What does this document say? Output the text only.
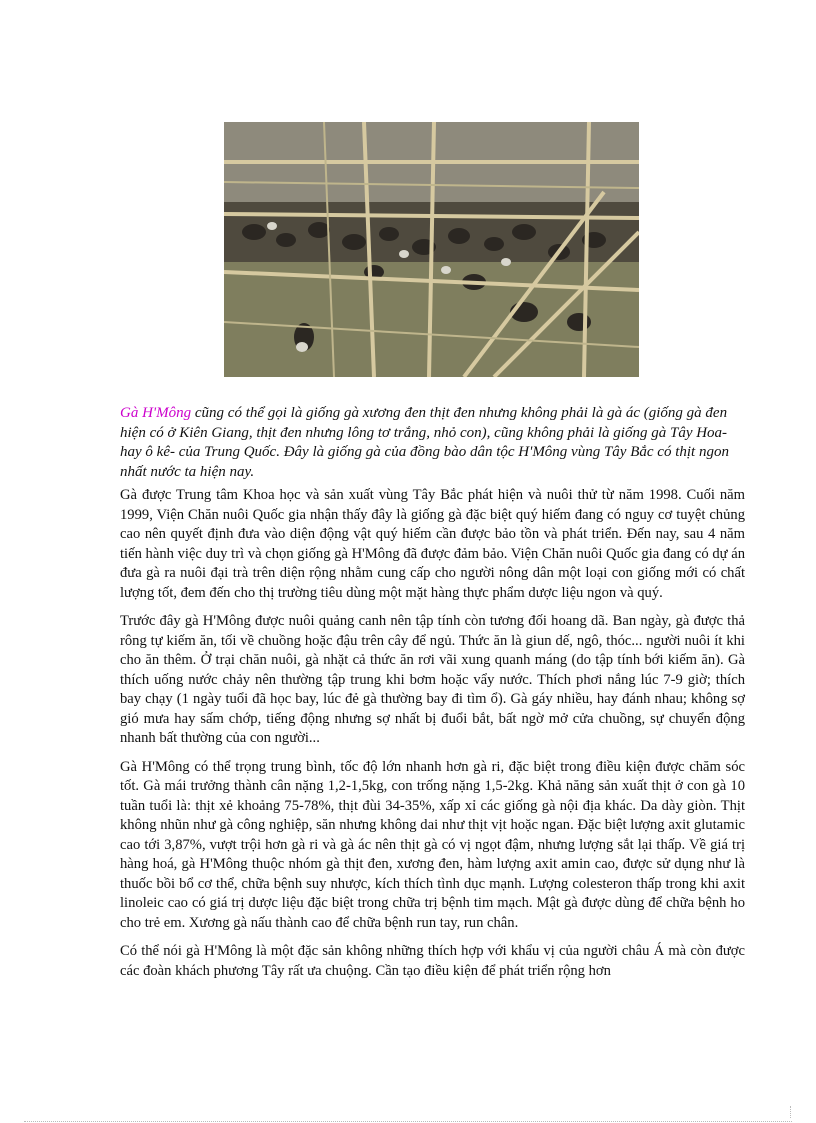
Gà H'Mông cũng có thể gọi là giống gà xương đen thịt đen nhưng không phải là gà ác (giống gà đen hiện có ở Kiên Giang, thịt đen nhưng lông tơ trắng, nhỏ con), cũng không phải là giống gà Tây Hoa- hay ô kê- của Trung Quốc. Đây là giống gà của đồng bào dân tộc H'Mông vùng Tây Bắc có thịt ngon nhất nước ta hiện nay.

Gà được Trung tâm Khoa học và sản xuất vùng Tây Bắc phát hiện và nuôi thử từ năm 1998. Cuối năm 1999, Viện Chăn nuôi Quốc gia nhận thấy đây là giống gà đặc biệt quý hiếm đang có nguy cơ tuyệt chủng cao nên quyết định đưa vào diện động vật quý hiếm cần được bảo tồn và phát triển. Đến nay, sau 4 năm tiến hành việc duy trì và chọn giống gà H'Mông đã được đảm bảo. Viện Chăn nuôi Quốc gia đang có dự án đưa gà ra nuôi đại trà trên diện rộng nhằm cung cấp cho người nông dân một loại con giống mới có chất lượng tốt, đem đến cho thị trường tiêu dùng một mặt hàng thực phẩm dược liệu ngon và quý.

Trước đây gà H'Mông được nuôi quảng canh nên tập tính còn tương đối hoang dã. Ban ngày, gà được thả rông tự kiếm ăn, tối về chuồng hoặc đậu trên cây để ngủ. Thức ăn là giun dế, ngô, thóc... người nuôi ít khi cho ăn thêm. Ở trại chăn nuôi, gà nhặt cả thức ăn rơi vãi xung quanh máng (do tập tính bới kiếm ăn). Gà thích uống nước chảy nên thường tập trung khi bơm hoặc vẩy nước. Thích phơi nắng lúc 7-9 giờ; thích bay chạy (1 ngày tuổi đã học bay, lúc đẻ gà thường bay đi tìm ổ). Gà gáy nhiều, hay đánh nhau; không sợ gió mưa hay sấm chớp, tiếng động nhưng sợ nhất bị đuổi bắt, bất ngờ mở cửa chuồng, sự chuyển động nhanh bất thường của con người...

Gà H'Mông có thể trọng trung bình, tốc độ lớn nhanh hơn gà ri, đặc biệt trong điều kiện được chăm sóc tốt. Gà mái trưởng thành cân nặng 1,2-1,5kg, con trống nặng 1,5-2kg. Khả năng sản xuất thịt ở con gà 10 tuần tuổi là: thịt xẻ khoảng 75-78%, thịt đùi 34-35%, xấp xỉ các giống gà nội địa khác. Da dày giòn. Thịt không nhũn như gà công nghiệp, săn nhưng không dai như thịt vịt hoặc ngan. Đặc biệt lượng axit glutamic cao tới 3,87%, vượt trội hơn gà ri và gà ác nên thịt gà có vị ngọt đậm, nhưng lượng sắt lại thấp. Về giá trị hàng hoá, gà H'Mông thuộc nhóm gà thịt đen, xương đen, hàm lượng axit amin cao, được sử dụng như là thuốc bồi bổ cơ thể, chữa bệnh suy nhược, kích thích tình dục mạnh. Lượng colesteron thấp trong khi axit linoleic cao có giá trị dược liệu đặc biệt trong chữa trị bệnh tim mạch. Mật gà được dùng để chữa bệnh ho cho trẻ em. Xương gà nấu thành cao để chữa bệnh run tay, run chân.

Có thể nói gà H'Mông là một đặc sản không những thích hợp với khẩu vị của người châu Á mà còn được các đoàn khách phương Tây rất ưa chuộng. Cần tạo điều kiện để phát triển rộng hơn
